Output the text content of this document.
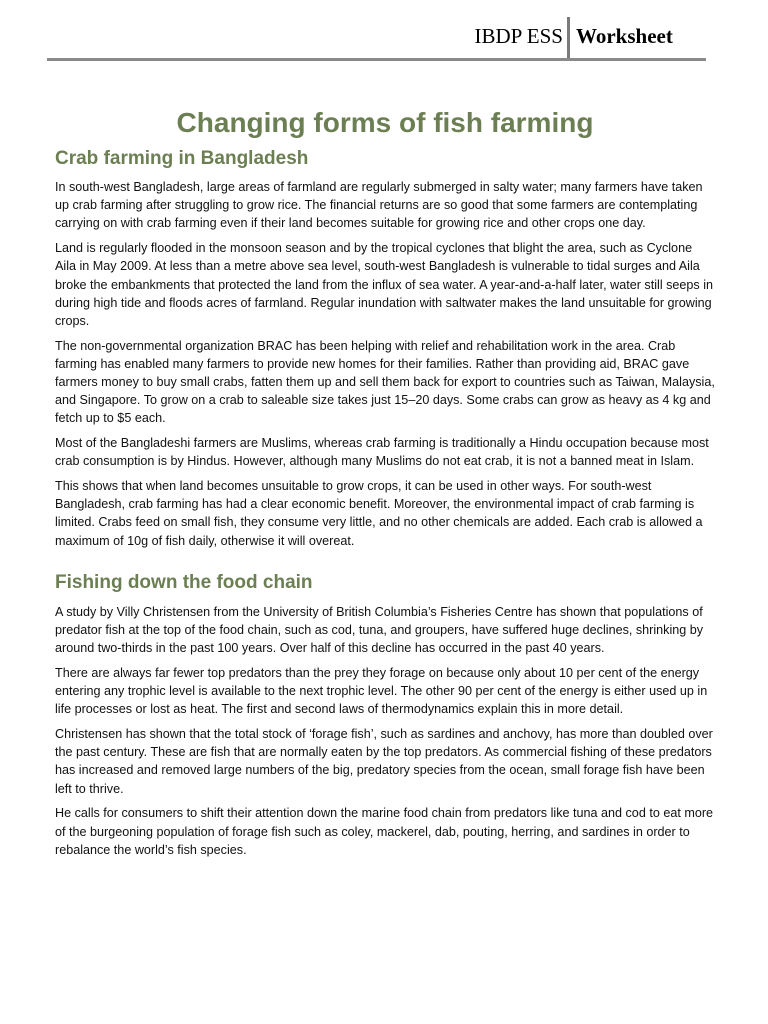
IBDP ESS Worksheet
Changing forms of fish farming
Crab farming in Bangladesh

In south-west Bangladesh, large areas of farmland are regularly submerged in salty water; many farmers have taken up crab farming after struggling to grow rice. The financial returns are so good that some farmers are contemplating carrying on with crab farming even if their land becomes suitable for growing rice and other crops one day.

Land is regularly flooded in the monsoon season and by the tropical cyclones that blight the area, such as Cyclone Aila in May 2009. At less than a metre above sea level, south-west Bangladesh is vulnerable to tidal surges and Aila broke the embankments that protected the land from the influx of sea water. A year-and-a-half later, water still seeps in during high tide and floods acres of farmland. Regular inundation with saltwater makes the land unsuitable for growing crops.

The non-governmental organization BRAC has been helping with relief and rehabilitation work in the area. Crab farming has enabled many farmers to provide new homes for their families. Rather than providing aid, BRAC gave farmers money to buy small crabs, fatten them up and sell them back for export to countries such as Taiwan, Malaysia, and Singapore. To grow on a crab to saleable size takes just 15–20 days. Some crabs can grow as heavy as 4 kg and fetch up to $5 each.

Most of the Bangladeshi farmers are Muslims, whereas crab farming is traditionally a Hindu occupation because most crab consumption is by Hindus. However, although many Muslims do not eat crab, it is not a banned meat in Islam.

This shows that when land becomes unsuitable to grow crops, it can be used in other ways. For south-west Bangladesh, crab farming has had a clear economic benefit. Moreover, the environmental impact of crab farming is limited. Crabs feed on small fish, they consume very little, and no other chemicals are added. Each crab is allowed a maximum of 10g of fish daily, otherwise it will overeat.

Fishing down the food chain

A study by Villy Christensen from the University of British Columbia’s Fisheries Centre has shown that populations of predator fish at the top of the food chain, such as cod, tuna, and groupers, have suffered huge declines, shrinking by around two-thirds in the past 100 years. Over half of this decline has occurred in the past 40 years.

There are always far fewer top predators than the prey they forage on because only about 10 per cent of the energy entering any trophic level is available to the next trophic level. The other 90 per cent of the energy is either used up in life processes or lost as heat. The first and second laws of thermodynamics explain this in more detail.

Christensen has shown that the total stock of ‘forage fish’, such as sardines and anchovy, has more than doubled over the past century. These are fish that are normally eaten by the top predators. As commercial fishing of these predators has increased and removed large numbers of the big, predatory species from the ocean, small forage fish have been left to thrive.

He calls for consumers to shift their attention down the marine food chain from predators like tuna and cod to eat more of the burgeoning population of forage fish such as coley, mackerel, dab, pouting, herring, and sardines in order to rebalance the world’s fish species.
